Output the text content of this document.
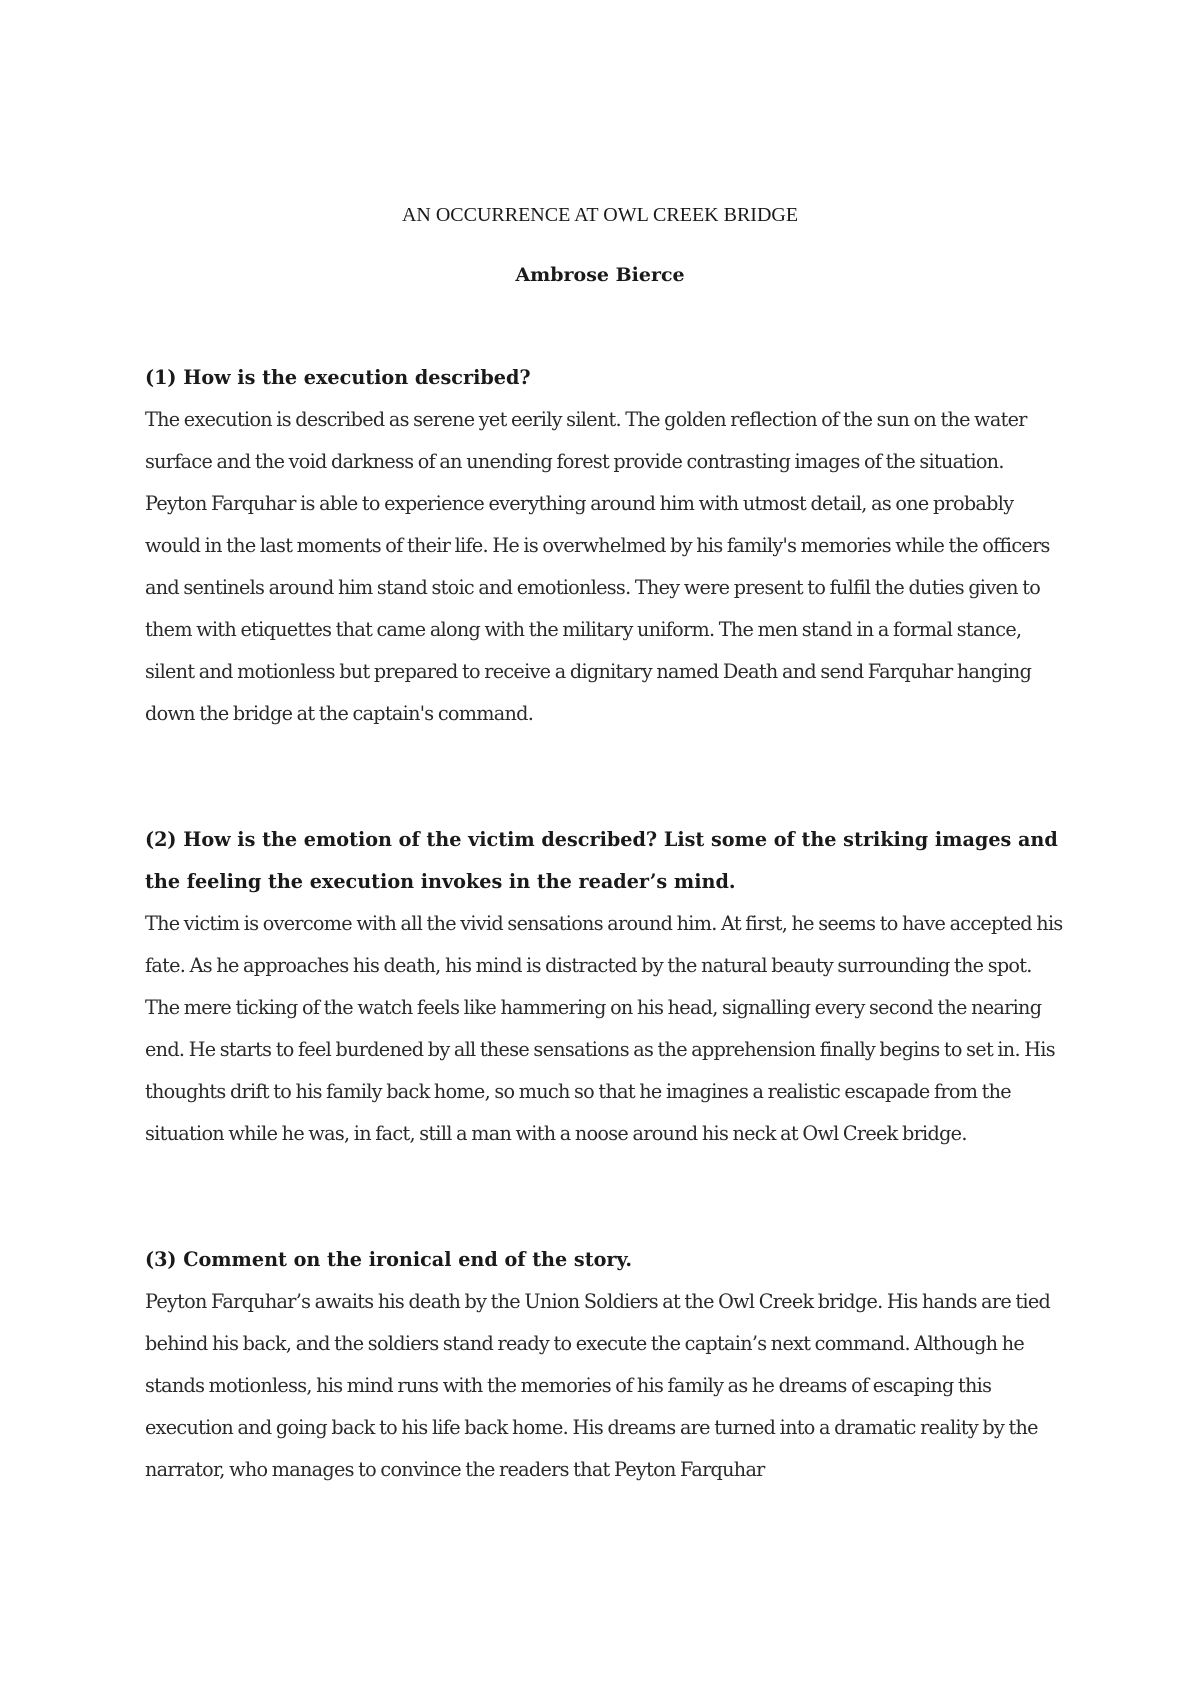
AN OCCURRENCE AT OWL CREEK BRIDGE
Ambrose Bierce

(1) How is the execution described?

The execution is described as serene yet eerily silent. The golden reflection of the sun on the water surface and the void darkness of an unending forest provide contrasting images of the situation. Peyton Farquhar is able to experience everything around him with utmost detail, as one probably would in the last moments of their life. He is overwhelmed by his family's memories while the officers and sentinels around him stand stoic and emotionless. They were present to fulfil the duties given to them with etiquettes that came along with the military uniform. The men stand in a formal stance, silent and motionless but prepared to receive a dignitary named Death and send Farquhar hanging down the bridge at the captain's command.

(2) How is the emotion of the victim described? List some of the striking images and the feeling the execution invokes in the reader’s mind.

The victim is overcome with all the vivid sensations around him. At first, he seems to have accepted his fate. As he approaches his death, his mind is distracted by the natural beauty surrounding the spot. The mere ticking of the watch feels like hammering on his head, signalling every second the nearing end. He starts to feel burdened by all these sensations as the apprehension finally begins to set in. His thoughts drift to his family back home, so much so that he imagines a realistic escapade from the situation while he was, in fact, still a man with a noose around his neck at Owl Creek bridge.

(3) Comment on the ironical end of the story.

Peyton Farquhar’s awaits his death by the Union Soldiers at the Owl Creek bridge. His hands are tied behind his back, and the soldiers stand ready to execute the captain’s next command. Although he stands motionless, his mind runs with the memories of his family as he dreams of escaping this execution and going back to his life back home. His dreams are turned into a dramatic reality by the narrator, who manages to convince the readers that Peyton Farquhar
